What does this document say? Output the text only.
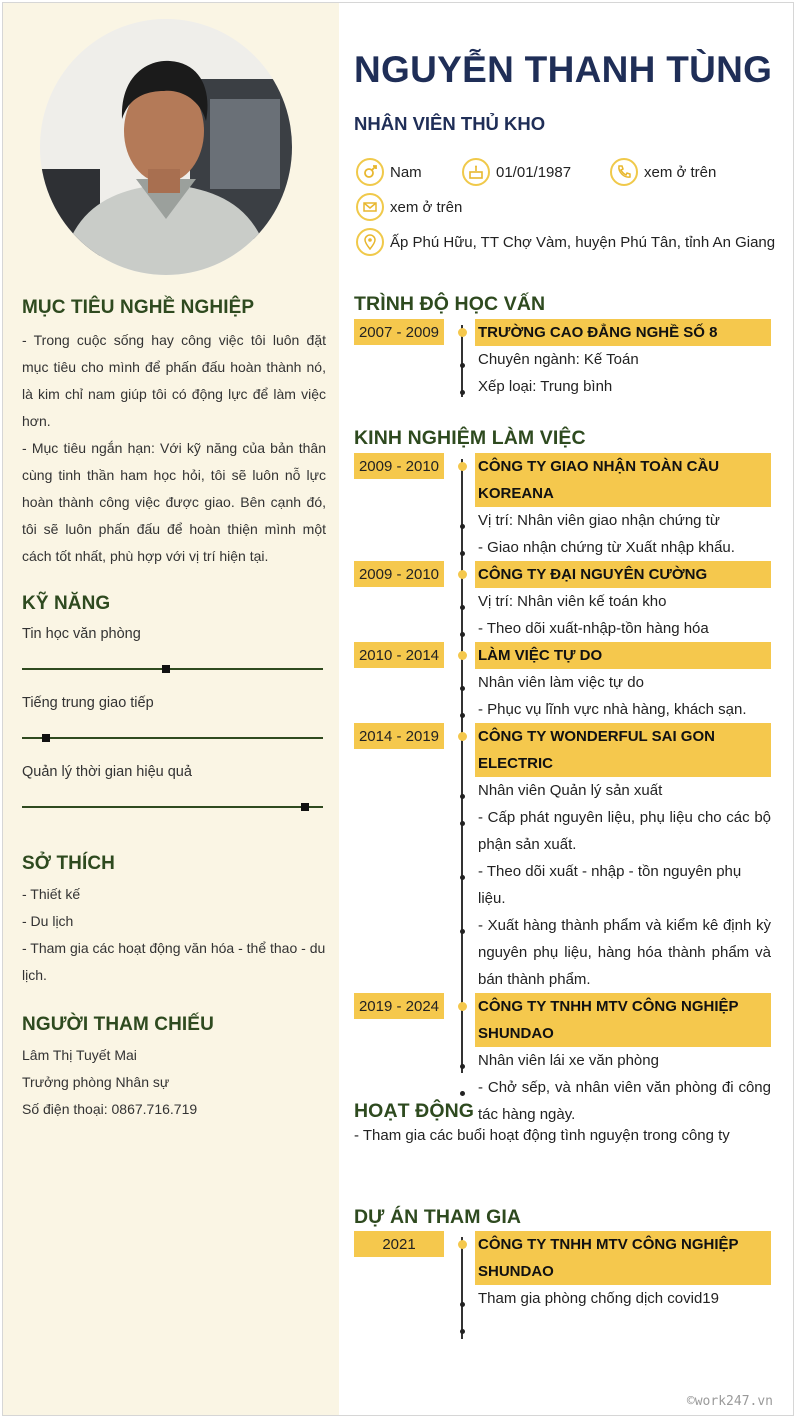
MỤC TIÊU NGHỀ NGHIỆP
- Trong cuộc sống hay công việc tôi luôn đặt mục tiêu cho mình để phấn đấu hoàn thành nó, là kim chỉ nam giúp tôi có động lực để làm việc hơn.
- Mục tiêu ngắn hạn: Với kỹ năng của bản thân cùng tinh thần ham học hỏi, tôi sẽ luôn nỗ lực hoàn thành công việc được giao. Bên cạnh đó, tôi sẽ luôn phấn đấu để hoàn thiện mình một cách tốt nhất, phù hợp với vị trí hiện tại.
KỸ NĂNG
Tin học văn phòng
Tiếng trung giao tiếp
Quản lý thời gian hiệu quả
SỞ THÍCH
- Thiết kế
- Du lịch
- Tham gia các hoạt động văn hóa - thể thao - du lịch.
NGƯỜI THAM CHIẾU
Lâm Thị Tuyết Mai
Trưởng phòng Nhân sự
Số điện thoại: 0867.716.719
NGUYỄN THANH TÙNG
NHÂN VIÊN THỦ KHO
Nam	01/01/1987	xem ở trên
xem ở trên
Ấp Phú Hữu, TT Chợ Vàm, huyện Phú Tân, tỉnh An Giang
TRÌNH ĐỘ HỌC VẤN
2007 - 2009	TRƯỜNG CAO ĐẲNG NGHỀ SỐ 8
Chuyên ngành: Kế Toán
Xếp loại: Trung bình
KINH NGHIỆM LÀM VIỆC
2009 - 2010	CÔNG TY GIAO NHẬN TOÀN CẦU KOREANA
Vị trí: Nhân viên giao nhận chứng từ
- Giao nhận chứng từ Xuất nhập khẩu.
2009 - 2010	CÔNG TY ĐẠI NGUYÊN CƯỜNG
Vị trí: Nhân viên kế toán kho
- Theo dõi xuất-nhập-tồn hàng hóa
2010 - 2014	LÀM VIỆC TỰ DO
Nhân viên làm việc tự do
- Phục vụ lĩnh vực nhà hàng, khách sạn.
2014 - 2019	CÔNG TY WONDERFUL SAI GON ELECTRIC
Nhân viên Quản lý sản xuất
- Cấp phát nguyên liệu, phụ liệu cho các bộ phận sản xuất.
- Theo dõi xuất - nhập - tồn nguyên phụ liệu.
- Xuất hàng thành phẩm và kiểm kê định kỳ nguyên phụ liệu, hàng hóa thành phẩm và bán thành phẩm.
2019 - 2024	CÔNG TY TNHH MTV CÔNG NGHIỆP SHUNDAO
Nhân viên lái xe văn phòng
- Chở sếp, và nhân viên văn phòng đi công tác hàng ngày.
HOẠT ĐỘNG
- Tham gia các buổi hoạt động tình nguyện trong công ty
DỰ ÁN THAM GIA
2021	CÔNG TY TNHH MTV CÔNG NGHIỆP SHUNDAO
Tham gia phòng chống dịch covid19
©work247.vn
